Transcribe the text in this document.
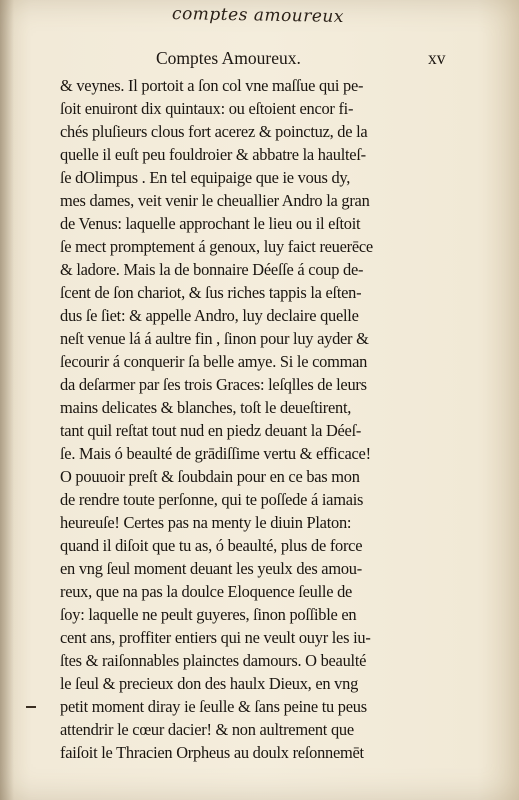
comptes amoureux
Comptes Amoureux.	xv
& veynes. Il portoit a ſon col vne maſſue qui pe-
ſoit enuiront dix quintaux: ou eſtoient encor fi-
chés pluſieurs clous fort acerez & poinctuz, de la
quelle il euſt peu fouldroier & abbatre la haulteſ-
ſe dOlimpus . En tel equipaige que ie vous dy,
mes dames, veit venir le cheuallier Andro la gran
de Venus: laquelle approchant le lieu ou il eſtoit
ſe mect promptement á genoux, luy faict reuerēce
& ladore. Mais la de bonnaire Déeſſe á coup de-
ſcent de ſon chariot, & ſus riches tappis la eſten-
dus ſe ſiet: & appelle Andro, luy declaire quelle
neſt venue lá á aultre fin , ſinon pour luy ayder &
ſecourir á conquerir ſa belle amye. Si le comman
da deſarmer par ſes trois Graces: leſqlles de leurs
mains delicates & blanches, toſt le deueſtirent,
tant quil reſtat tout nud en piedz deuant la Déeſ-
ſe. Mais ó beaulté de grādiſſime vertu & efficace!
O pouuoir preſt & ſoubdain pour en ce bas mon
de rendre toute perſonne, qui te poſſede á iamais
heureuſe! Certes pas na menty le diuin Platon:
quand il diſoit que tu as, ó beaulté, plus de force
en vng ſeul moment deuant les yeulx des amou-
reux, que na pas la doulce Eloquence ſeulle de
ſoy: laquelle ne peult guyeres, ſinon poſſible en
cent ans, proffiter entiers qui ne veult ouyr les iu-
ſtes & raiſonnables plainctes damours. O beaulté
le ſeul & precieux don des haulx Dieux, en vng
petit moment diray ie ſeulle & ſans peine tu peus
attendrir le cœur dacier! & non aultrement que
faiſoit le Thracien Orpheus au doulx reſonnemēt
